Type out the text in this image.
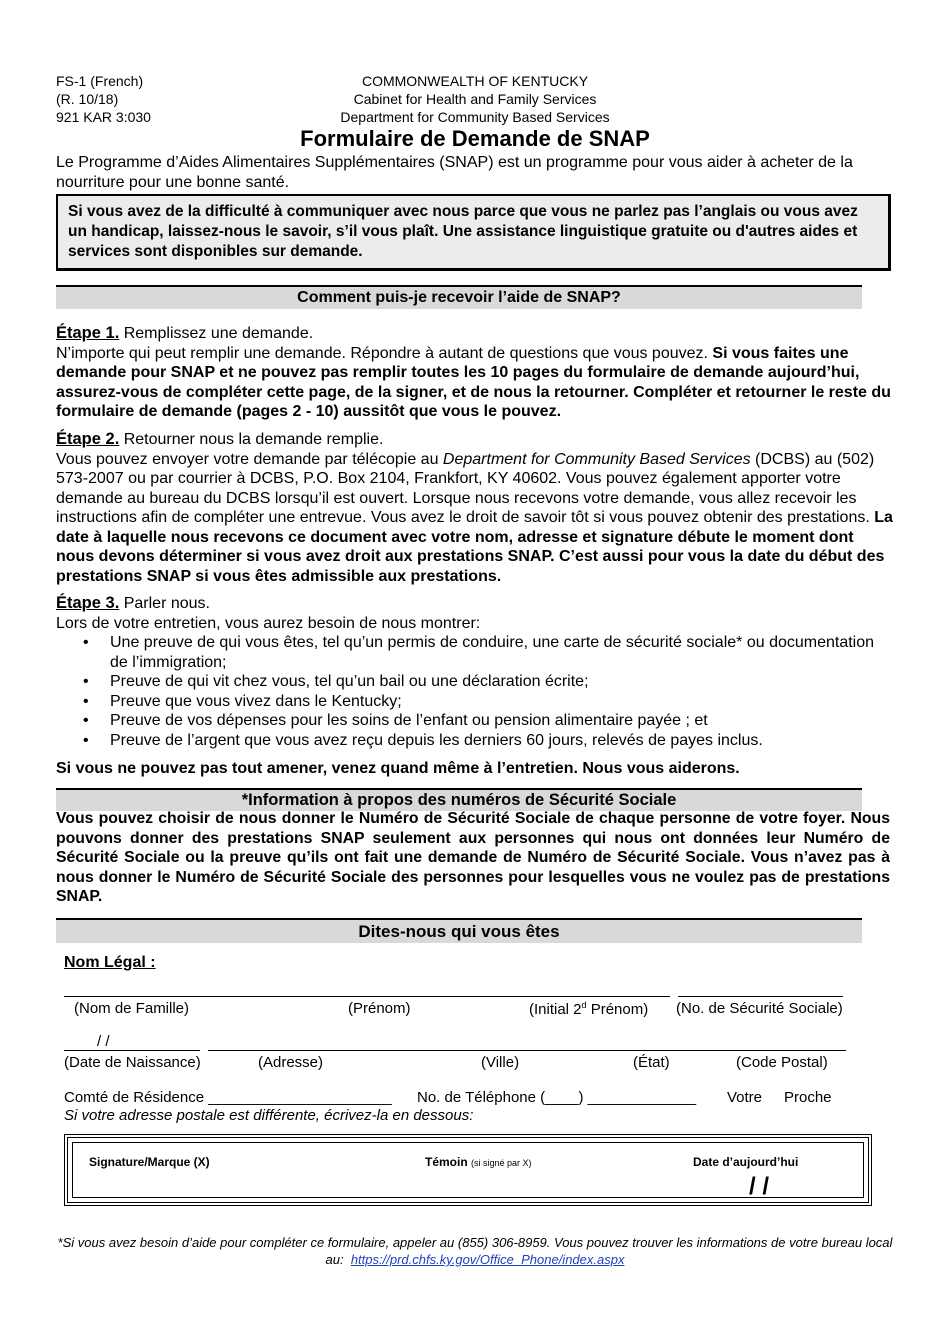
FS-1 (French)
(R. 10/18)
921 KAR 3:030
COMMONWEALTH OF KENTUCKY
Cabinet for Health and Family Services
Department for Community Based Services
Formulaire de Demande de SNAP
Le Programme d’Aides Alimentaires Supplémentaires (SNAP) est un programme pour vous aider à acheter de la nourriture pour une bonne santé.
Si vous avez de la difficulté à communiquer avec nous parce que vous ne parlez pas l’anglais ou vous avez un handicap, laissez-nous le savoir, s’il vous plaît. Une assistance linguistique gratuite ou d'autres aides et services sont disponibles sur demande.
Comment puis-je recevoir l’aide de SNAP?
Étape 1. Remplissez une demande.
N’importe qui peut remplir une demande. Répondre à autant de questions que vous pouvez. Si vous faites une demande pour SNAP et ne pouvez pas remplir toutes les 10 pages du formulaire de demande aujourd’hui, assurez-vous de compléter cette page, de la signer, et de nous la retourner. Compléter et retourner le reste du formulaire de demande (pages 2 - 10) aussitôt que vous le pouvez.
Étape 2. Retourner nous la demande remplie.
Vous pouvez envoyer votre demande par télécopie au Department for Community Based Services (DCBS) au (502) 573-2007 ou par courrier à DCBS, P.O. Box 2104, Frankfort, KY 40602. Vous pouvez également apporter votre demande au bureau du DCBS lorsqu’il est ouvert. Lorsque nous recevons votre demande, vous allez recevoir les instructions afin de compléter une entrevue. Vous avez le droit de savoir tôt si vous pouvez obtenir des prestations. La date à laquelle nous recevons ce document avec votre nom, adresse et signature débute le moment dont nous devons déterminer si vous avez droit aux prestations SNAP. C’est aussi pour vous la date du début des prestations SNAP si vous êtes admissible aux prestations.
Étape 3. Parler nous.
Lors de votre entretien, vous aurez besoin de nous montrer:
• Une preuve de qui vous êtes, tel qu’un permis de conduire, une carte de sécurité sociale* ou documentation de l’immigration;
• Preuve de qui vit chez vous, tel qu’un bail ou une déclaration écrite;
• Preuve que vous vivez dans le Kentucky;
• Preuve de vos dépenses pour les soins de l’enfant ou pension alimentaire payée ; et
• Preuve de l’argent que vous avez reçu depuis les derniers 60 jours, relevés de payes inclus.
Si vous ne pouvez pas tout amener, venez quand même à l’entretien. Nous vous aiderons.
*Information à propos des numéros de Sécurité Sociale
Vous pouvez choisir de nous donner le Numéro de Sécurité Sociale de chaque personne de votre foyer. Nous pouvons donner des prestations SNAP seulement aux personnes qui nous ont données leur Numéro de Sécurité Sociale ou la preuve qu’ils ont fait une demande de Numéro de Sécurité Sociale. Vous n’avez pas à nous donner le Numéro de Sécurité Sociale des personnes pour lesquelles vous ne voulez pas de prestations SNAP.
Dites-nous qui vous êtes
Nom Légal :
(Nom de Famille)	(Prénom)	(Initial 2$^d$ Prénom) (No. de Sécurité Sociale)
/ /
(Date de Naissance)	(Adresse)	(Ville)	(État)	(Code Postal)
Comté de Résidence ______________________ No. de Téléphone (____) _____________ Votre Proche
Si votre adresse postale est différente, écrivez-la en dessous:
Signature/Marque (X)	Témoin (si signé par X)	Date d’aujourd’hui
/ /
*Si vous avez besoin d’aide pour compléter ce formulaire, appeler au (855) 306-8959. Vous pouvez trouver les informations de votre bureau local au: https://prd.chfs.ky.gov/Office_Phone/index.aspx
